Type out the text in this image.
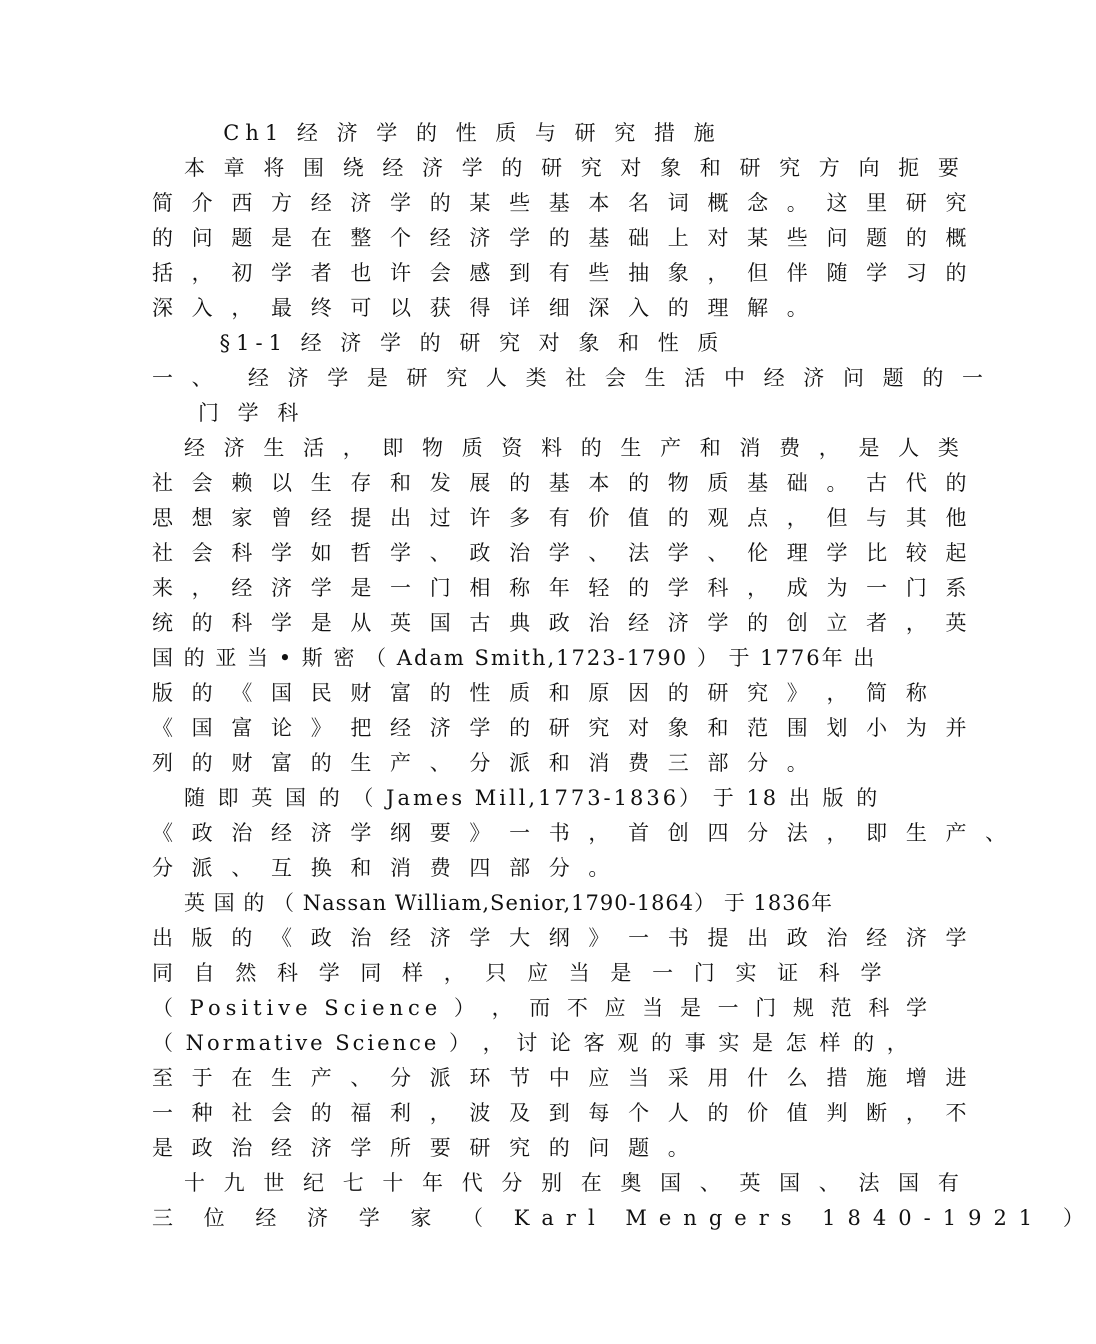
Ch1 经 济 学 的 性 质 与 研 究 措 施
本 章 将 围 绕 经 济 学 的 研 究 对 象 和 研 究 方 向 扼 要
简 介 西 方 经 济 学 的 某 些 基 本 名 词 概 念 。 这 里 研 究
的 问 题 是 在 整 个 经 济 学 的 基 础 上 对 某 些 问 题 的 概
括 ， 初 学 者 也 许 会 感 到 有 些 抽 象 ， 但 伴 随 学 习 的
深 入 ， 最 终 可 以 获 得 详 细 深 入 的 理 解 。
§1-1 经 济 学 的 研 究 对 象 和 性 质
一 、　 经 济 学 是 研 究 人 类 社 会 生 活 中 经 济 问 题 的 一
门 学 科
经 济 生 活 ， 即 物 质 资 料 的 生 产 和 消 费 ， 是 人 类
社 会 赖 以 生 存 和 发 展 的 基 本 的 物 质 基 础 。 古 代 的
思 想 家 曾 经 提 出 过 许 多 有 价 值 的 观 点 ， 但 与 其 他
社 会 科 学 如 哲 学 、 政 治 学 、 法 学 、 伦 理 学 比 较 起
来 ， 经 济 学 是 一 门 相 称 年 轻 的 学 科 ， 成 为 一 门 系
统 的 科 学 是 从 英 国 古 典 政 治 经 济 学 的 创 立 者 ， 英
国 的 亚 当 • 斯 密 （ Adam Smith,1723-1790 ） 于 1776年 出
版 的 《 国 民 财 富 的 性 质 和 原 因 的 研 究 》 ， 简 称
《 国 富 论 》 把 经 济 学 的 研 究 对 象 和 范 围 划 小 为 并
列 的 财 富 的 生 产 、 分 派 和 消 费 三 部 分 。
随 即 英 国 的 （ James Mill,1773-1836） 于 18 出 版 的
《 政 治 经 济 学 纲 要 》 一 书 ， 首 创 四 分 法 ， 即 生 产 、
分 派 、 互 换 和 消 费 四 部 分 。
英 国 的 （ Nassan William,Senior,1790-1864） 于 1836年
出 版 的 《 政 治 经 济 学 大 纲 》 一 书 提 出 政 治 经 济 学
同 自 然 科 学 同 样 ， 只 应 当 是 一 门 实 证 科 学
（ Positive Science ） ， 而 不 应 当 是 一 门 规 范 科 学
（ Normative Science ） ， 讨 论 客 观 的 事 实 是 怎 样 的 ，
至 于 在 生 产 、 分 派 环 节 中 应 当 采 用 什 么 措 施 增 进
一 种 社 会 的 福 利 ， 波 及 到 每 个 人 的 价 值 判 断 ， 不
是 政 治 经 济 学 所 要 研 究 的 问 题 。
十 九 世 纪 七 十 年 代 分 别 在 奥 国 、 英 国 、 法 国 有
三 位 经 济 学 家 （ Karl Mengers 1840-1921 ）
